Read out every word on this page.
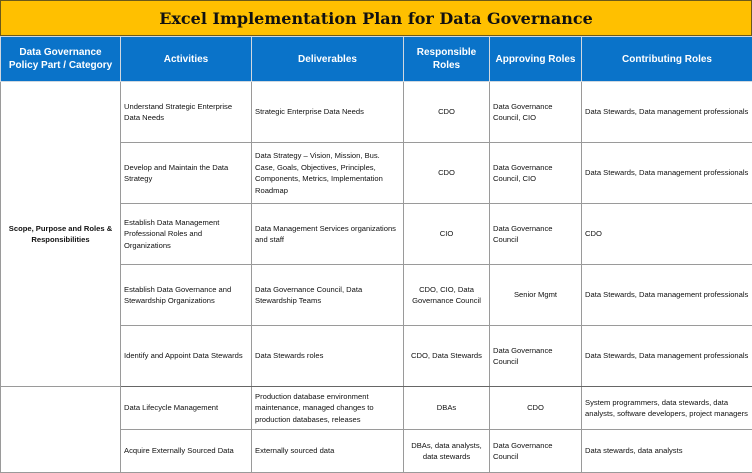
Excel Implementation Plan for Data Governance
Data Governance Policy Part / Category	Activities	Deliverables	Responsible Roles	Approving Roles	Contributing Roles
Scope, Purpose and Roles & Responsibilities	Understand Strategic Enterprise Data Needs	Strategic Enterprise Data Needs	CDO	Data Governance Council, CIO	Data Stewards, Data management professionals
	Develop and Maintain the Data Strategy	Data Strategy – Vision, Mission, Bus. Case, Goals, Objectives, Principles, Components, Metrics, Implementation Roadmap	CDO	Data Governance Council, CIO	Data Stewards, Data management professionals
	Establish Data Management Professional Roles and Organizations	Data Management Services organizations and staff	CIO	Data Governance Council	CDO
	Establish Data Governance and Stewardship Organizations	Data Governance Council, Data Stewardship Teams	CDO, CIO, Data Governance Council	Senior Mgmt	Data Stewards, Data management professionals
	Identify and Appoint Data Stewards	Data Stewards roles	CDO, Data Stewards	Data Governance Council	Data Stewards, Data management professionals
	Data Lifecycle Management	Production database environment maintenance, managed changes to production databases, releases	DBAs	CDO	System programmers, data stewards, data analysts, software developers, project managers
	Acquire Externally Sourced Data	Externally sourced data	DBAs, data analysts, data stewards	Data Governance Council	Data stewards, data analysts
